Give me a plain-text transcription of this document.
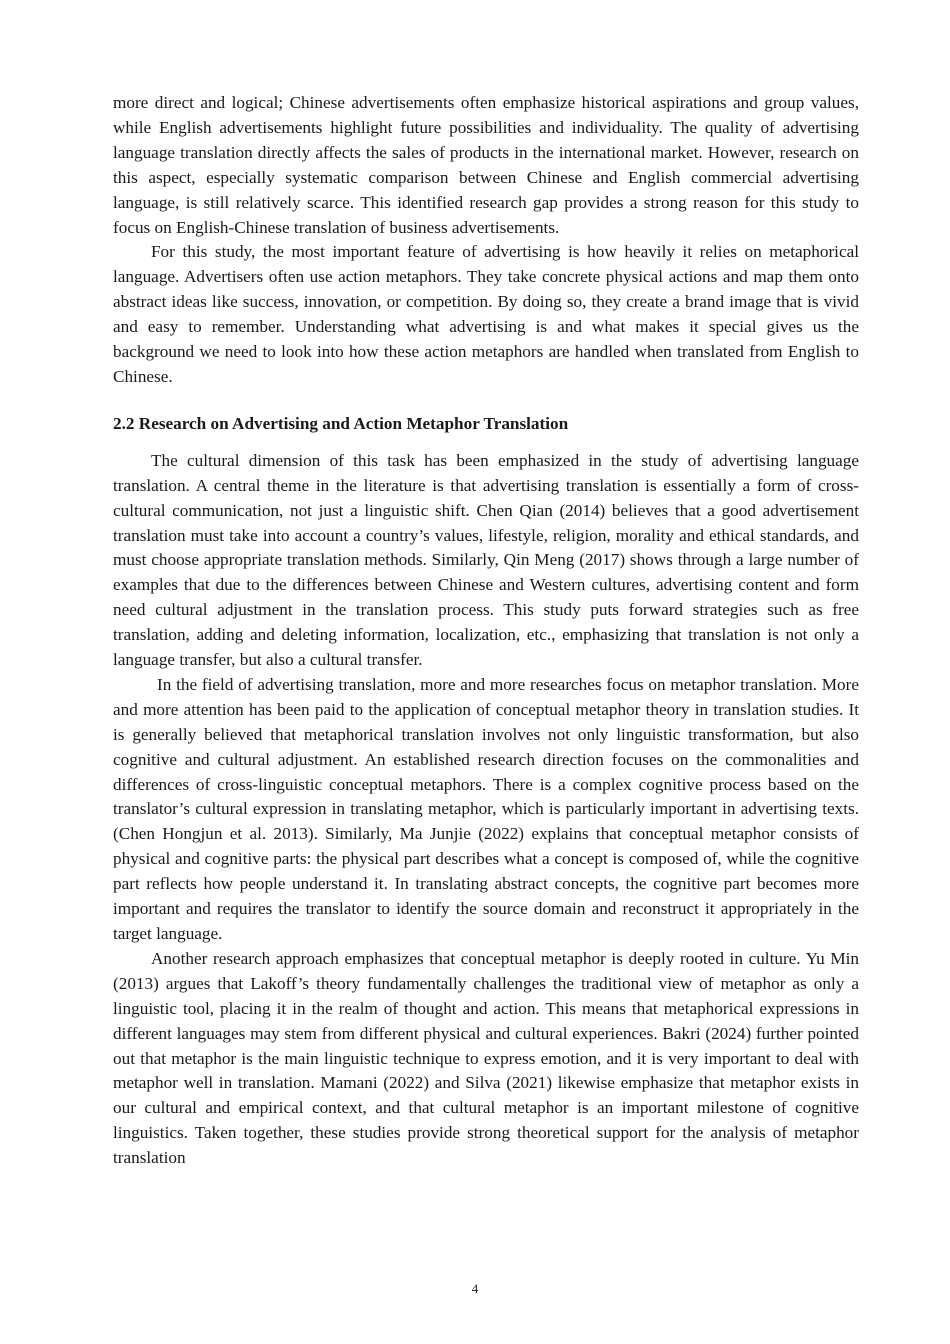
more direct and logical; Chinese advertisements often emphasize historical aspirations and group values, while English advertisements highlight future possibilities and individuality. The quality of advertising language translation directly affects the sales of products in the international market. However, research on this aspect, especially systematic comparison between Chinese and English commercial advertising language, is still relatively scarce. This identified research gap provides a strong reason for this study to focus on English-Chinese translation of business advertisements.

For this study, the most important feature of advertising is how heavily it relies on metaphorical language. Advertisers often use action metaphors. They take concrete physical actions and map them onto abstract ideas like success, innovation, or competition. By doing so, they create a brand image that is vivid and easy to remember. Understanding what advertising is and what makes it special gives us the background we need to look into how these action metaphors are handled when translated from English to Chinese.

2.2 Research on Advertising and Action Metaphor Translation

The cultural dimension of this task has been emphasized in the study of advertising language translation. A central theme in the literature is that advertising translation is essentially a form of cross-cultural communication, not just a linguistic shift. Chen Qian (2014) believes that a good advertisement translation must take into account a country’s values, lifestyle, religion, morality and ethical standards, and must choose appropriate translation methods. Similarly, Qin Meng (2017) shows through a large number of examples that due to the differences between Chinese and Western cultures, advertising content and form need cultural adjustment in the translation process. This study puts forward strategies such as free translation, adding and deleting information, localization, etc., emphasizing that translation is not only a language transfer, but also a cultural transfer.

In the field of advertising translation, more and more researches focus on metaphor translation. More and more attention has been paid to the application of conceptual metaphor theory in translation studies. It is generally believed that metaphorical translation involves not only linguistic transformation, but also cognitive and cultural adjustment. An established research direction focuses on the commonalities and differences of cross-linguistic conceptual metaphors. There is a complex cognitive process based on the translator’s cultural expression in translating metaphor, which is particularly important in advertising texts. (Chen Hongjun et al. 2013). Similarly, Ma Junjie (2022) explains that conceptual metaphor consists of physical and cognitive parts: the physical part describes what a concept is composed of, while the cognitive part reflects how people understand it. In translating abstract concepts, the cognitive part becomes more important and requires the translator to identify the source domain and reconstruct it appropriately in the target language.

Another research approach emphasizes that conceptual metaphor is deeply rooted in culture. Yu Min (2013) argues that Lakoff’s theory fundamentally challenges the traditional view of metaphor as only a linguistic tool, placing it in the realm of thought and action. This means that metaphorical expressions in different languages may stem from different physical and cultural experiences. Bakri (2024) further pointed out that metaphor is the main linguistic technique to express emotion, and it is very important to deal with metaphor well in translation. Mamani (2022) and Silva (2021) likewise emphasize that metaphor exists in our cultural and empirical context, and that cultural metaphor is an important milestone of cognitive linguistics. Taken together, these studies provide strong theoretical support for the analysis of metaphor translation

4
